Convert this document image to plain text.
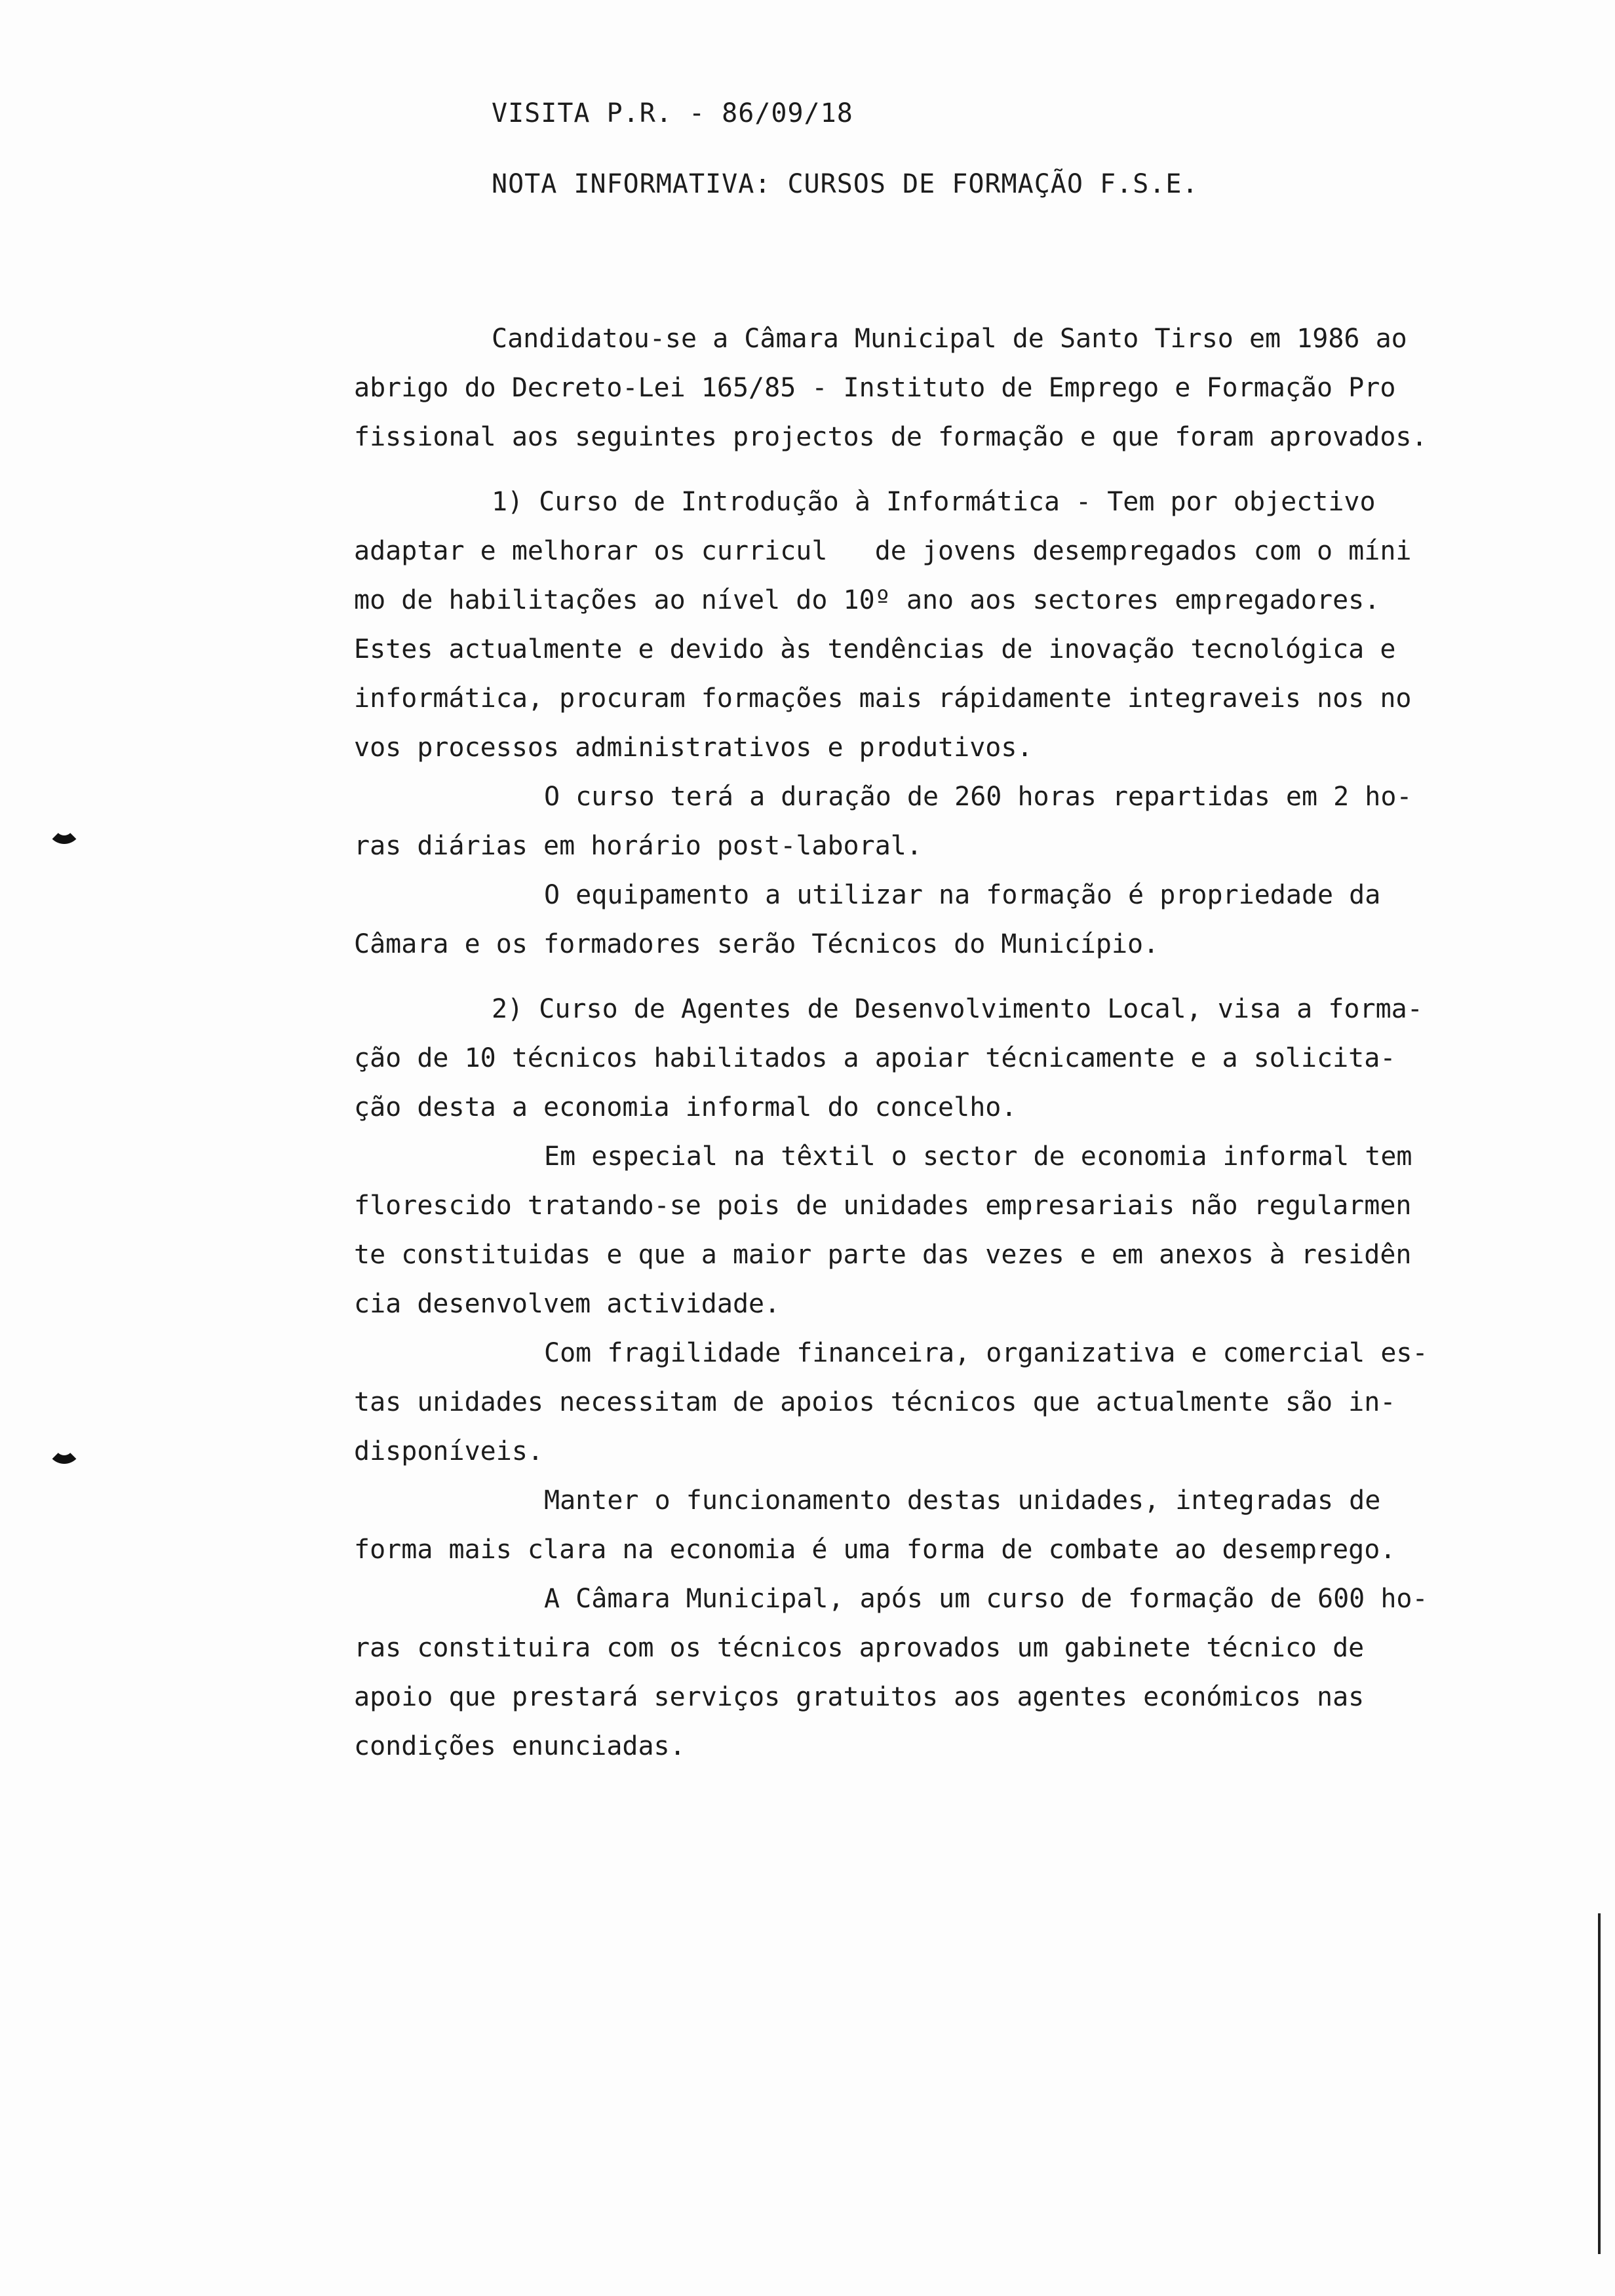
VISITA P.R. - 86/09/18
NOTA INFORMATIVA: CURSOS DE FORMAÇÃO F.S.E.
Candidatou-se a Câmara Municipal de Santo Tirso em 1986 ao
abrigo do Decreto-Lei 165/85 - Instituto de Emprego e Formação Pro
fissional aos seguintes projectos de formação e que foram aprovados.
1) Curso de Introdução à Informática - Tem por objectivo
adaptar e melhorar os curricul   de jovens desempregados com o míni
mo de habilitações ao nível do 10º ano aos sectores empregadores.
Estes actualmente e devido às tendências de inovação tecnológica e
informática, procuram formações mais rápidamente integraveis nos no
vos processos administrativos e produtivos.
O curso terá a duração de 260 horas repartidas em 2 ho-
ras diárias em horário post-laboral.
O equipamento a utilizar na formação é propriedade da
Câmara e os formadores serão Técnicos do Município.
2) Curso de Agentes de Desenvolvimento Local, visa a forma-
ção de 10 técnicos habilitados a apoiar técnicamente e a solicita-
ção desta a economia informal do concelho.
Em especial na têxtil o sector de economia informal tem
florescido tratando-se pois de unidades empresariais não regularmen
te constituidas e que a maior parte das vezes e em anexos à residên
cia desenvolvem actividade.
Com fragilidade financeira, organizativa e comercial es-
tas unidades necessitam de apoios técnicos que actualmente são in-
disponíveis.
Manter o funcionamento destas unidades, integradas de
forma mais clara na economia é uma forma de combate ao desemprego.
A Câmara Municipal, após um curso de formação de 600 ho-
ras constituira com os técnicos aprovados um gabinete técnico de
apoio que prestará serviços gratuitos aos agentes económicos nas
condições enunciadas.
